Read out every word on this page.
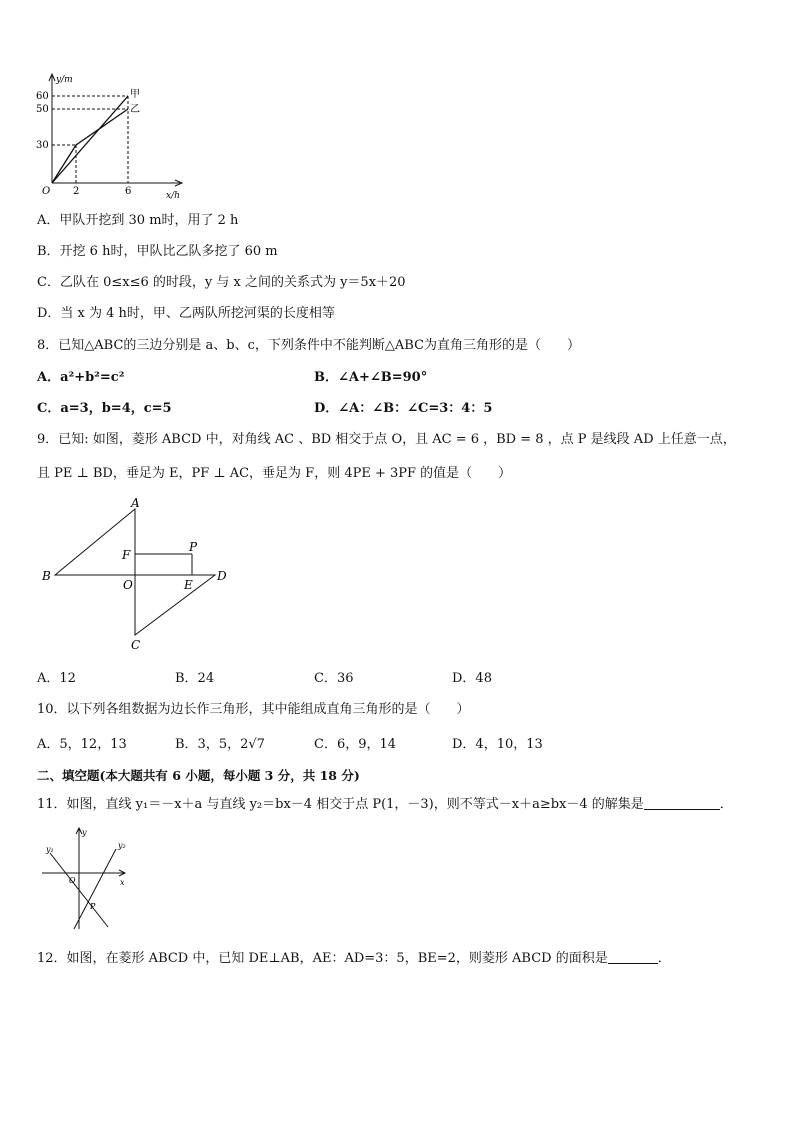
y/m
x/h
O
60
50
30
2	6
甲
乙
A．甲队开挖到 30 m时，用了 2 h
B．开挖 6 h时，甲队比乙队多挖了 60 m
C．乙队在 0≤x≤6 的时段，y 与 x 之间的关系式为 y＝5x＋20
D．当 x 为 4 h时，甲、乙两队所挖河渠的长度相等
8．已知△ABC的三边分别是 a、b、c，下列条件中不能判断△ABC为直角三角形的是（　　）
A．a²+b²=c²	B．∠A+∠B=90°
C．a=3，b=4，c=5	D．∠A：∠B：∠C=3：4：5
9．已知: 如图，菱形 ABCD 中，对角线 AC 、BD 相交于点 O，且 AC = 6 ，BD = 8 ，点 P 是线段 AD 上任意一点，
且 PE ⊥ BD，垂足为 E，PF ⊥ AC，垂足为 F，则 4PE + 3PF 的值是（　　）
A
B	D
C
O
F
P
E
A．12	B．24	C．36	D．48
10．以下列各组数据为边长作三角形，其中能组成直角三角形的是（　　）
A．5，12，13	B．3，5，2√7	C．6，9，14	D．4，10，13
二、填空题(本大题共有 6 小题，每小题 3 分，共 18 分)
11．如图，直线 y₁＝－x＋a 与直线 y₂＝bx－4 相交于点 P(1，－3)，则不等式－x＋a≥bx－4 的解集是	．
y
x
O
P
y₁	y₂
12．如图，在菱形 ABCD 中，已知 DE⊥AB，AE：AD=3：5，BE=2，则菱形 ABCD 的面积是	．
